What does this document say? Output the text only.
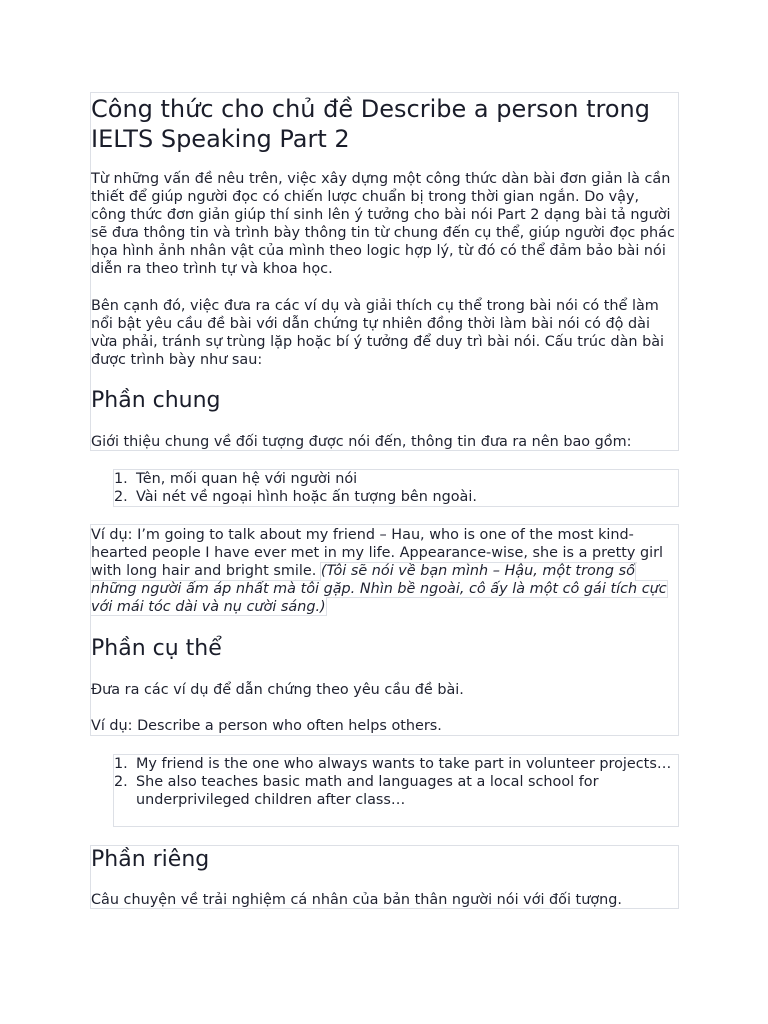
Công thức cho chủ đề Describe a person trong IELTS Speaking Part 2

Từ những vấn đề nêu trên, việc xây dựng một công thức dàn bài đơn giản là cần thiết để giúp người đọc có chiến lược chuẩn bị trong thời gian ngắn. Do vậy, công thức đơn giản giúp thí sinh lên ý tưởng cho bài nói Part 2 dạng bài tả người sẽ đưa thông tin và trình bày thông tin từ chung đến cụ thể, giúp người đọc phác họa hình ảnh nhân vật của mình theo logic hợp lý, từ đó có thể đảm bảo bài nói diễn ra theo trình tự và khoa học.

Bên cạnh đó, việc đưa ra các ví dụ và giải thích cụ thể trong bài nói có thể làm nổi bật yêu cầu đề bài với dẫn chứng tự nhiên đồng thời làm bài nói có độ dài vừa phải, tránh sự trùng lặp hoặc bí ý tưởng để duy trì bài nói. Cấu trúc dàn bài được trình bày như sau:

Phần chung

Giới thiệu chung về đối tượng được nói đến, thông tin đưa ra nên bao gồm:

1. Tên, mối quan hệ với người nói
2. Vài nét về ngoại hình hoặc ấn tượng bên ngoài.

Ví dụ: I’m going to talk about my friend – Hau, who is one of the most kind-hearted people I have ever met in my life. Appearance-wise, she is a pretty girl with long hair and bright smile. (Tôi sẽ nói về bạn mình – Hậu, một trong số những người ấm áp nhất mà tôi gặp. Nhìn bề ngoài, cô ấy là một cô gái tích cực với mái tóc dài và nụ cười sáng.)

Phần cụ thể

Đưa ra các ví dụ để dẫn chứng theo yêu cầu đề bài.

Ví dụ: Describe a person who often helps others.

1. My friend is the one who always wants to take part in volunteer projects…
2. She also teaches basic math and languages at a local school for underprivileged children after class…
Phần riêng

Câu chuyện về trải nghiệm cá nhân của bản thân người nói với đối tượng.
